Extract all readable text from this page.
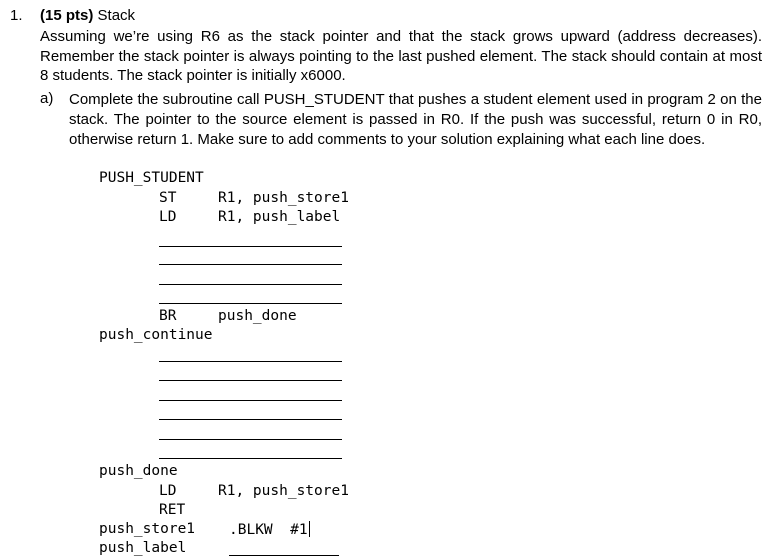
1. (15 pts) Stack
Assuming we’re using R6 as the stack pointer and that the stack grows upward (address decreases). Remember the stack pointer is always pointing to the last pushed element. The stack should contain at most 8 students. The stack pointer is initially x6000.
a) Complete the subroutine call PUSH_STUDENT that pushes a student element used in program 2 on the stack. The pointer to the source element is passed in R0. If the push was successful, return 0 in R0, otherwise return 1. Make sure to add comments to your solution explaining what each line does.
PUSH_STUDENT
ST	R1, push_store1
LD	R1, push_label
BR	push_done
push_continue
push_done
LD	R1, push_store1
RET
push_store1 .BLKW  #1
push_label
